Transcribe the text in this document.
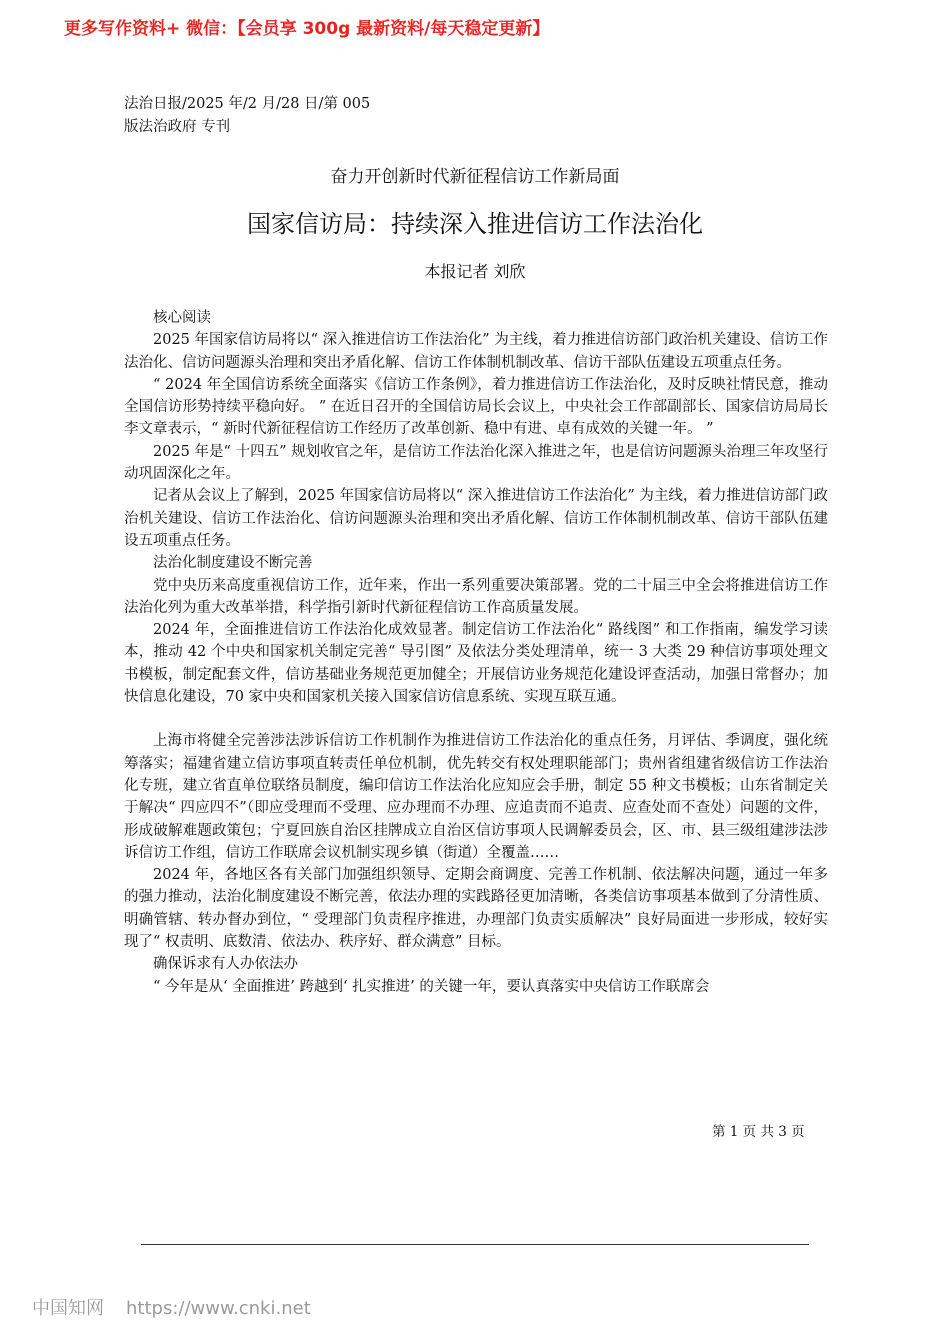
更多写作资料+ 微信：【会员享 300g 最新资料/每天稳定更新】
法治日报/2025 年/2 月/28 日/第 005
版法治政府 专刊
奋力开创新时代新征程信访工作新局面
国家信访局：持续深入推进信访工作法治化
本报记者 刘欣

核心阅读

2025 年国家信访局将以“ 深入推进信访工作法治化” 为主线，着力推进信访部门政治机关建设、信访工作法治化、信访问题源头治理和突出矛盾化解、信访工作体制机制改革、信访干部队伍建设五项重点任务。

“ 2024 年全国信访系统全面落实《信访工作条例》，着力推进信访工作法治化，及时反映社情民意，推动全国信访形势持续平稳向好。 ” 在近日召开的全国信访局长会议上，中央社会工作部副部长、国家信访局局长李文章表示，“ 新时代新征程信访工作经历了改革创新、稳中有进、卓有成效的关键一年。 ”

2025 年是“ 十四五” 规划收官之年，是信访工作法治化深入推进之年，也是信访问题源头治理三年攻坚行动巩固深化之年。

记者从会议上了解到，2025 年国家信访局将以“ 深入推进信访工作法治化” 为主线，着力推进信访部门政治机关建设、信访工作法治化、信访问题源头治理和突出矛盾化解、信访工作体制机制改革、信访干部队伍建设五项重点任务。

法治化制度建设不断完善

党中央历来高度重视信访工作，近年来，作出一系列重要决策部署。党的二十届三中全会将推进信访工作法治化列为重大改革举措，科学指引新时代新征程信访工作高质量发展。

2024 年，全面推进信访工作法治化成效显著。制定信访工作法治化“ 路线图” 和工作指南，编发学习读本，推动 42 个中央和国家机关制定完善“ 导引图” 及依法分类处理清单，统一 3 大类 29 种信访事项处理文书模板，制定配套文件，信访基础业务规范更加健全；开展信访业务规范化建设评查活动，加强日常督办；加快信息化建设，70 家中央和国家机关接入国家信访信息系统、实现互联互通。

上海市将健全完善涉法涉诉信访工作机制作为推进信访工作法治化的重点任务，月评估、季调度，强化统筹落实；福建省建立信访事项直转责任单位机制，优先转交有权处理职能部门；贵州省组建省级信访工作法治化专班，建立省直单位联络员制度，编印信访工作法治化应知应会手册，制定 55 种文书模板；山东省制定关于解决“ 四应四不”（即应受理而不受理、应办理而不办理、应追责而不追责、应查处而不查处）问题的文件，形成破解难题政策包；宁夏回族自治区挂牌成立自治区信访事项人民调解委员会，区、市、县三级组建涉法涉诉信访工作组，信访工作联席会议机制实现乡镇（街道）全覆盖……

2024 年，各地区各有关部门加强组织领导、定期会商调度、完善工作机制、依法解决问题，通过一年多的强力推动，法治化制度建设不断完善，依法办理的实践路径更加清晰，各类信访事项基本做到了分清性质、明确管辖、转办督办到位，“ 受理部门负责程序推进，办理部门负责实质解决” 良好局面进一步形成，较好实现了“ 权责明、底数清、依法办、秩序好、群众满意” 目标。

确保诉求有人办依法办

“ 今年是从‘ 全面推进’ 跨越到‘ 扎实推进’ 的关键一年，要认真落实中央信访工作联席会

第 1 页 共 3 页
中国知网 https://www.cnki.net
